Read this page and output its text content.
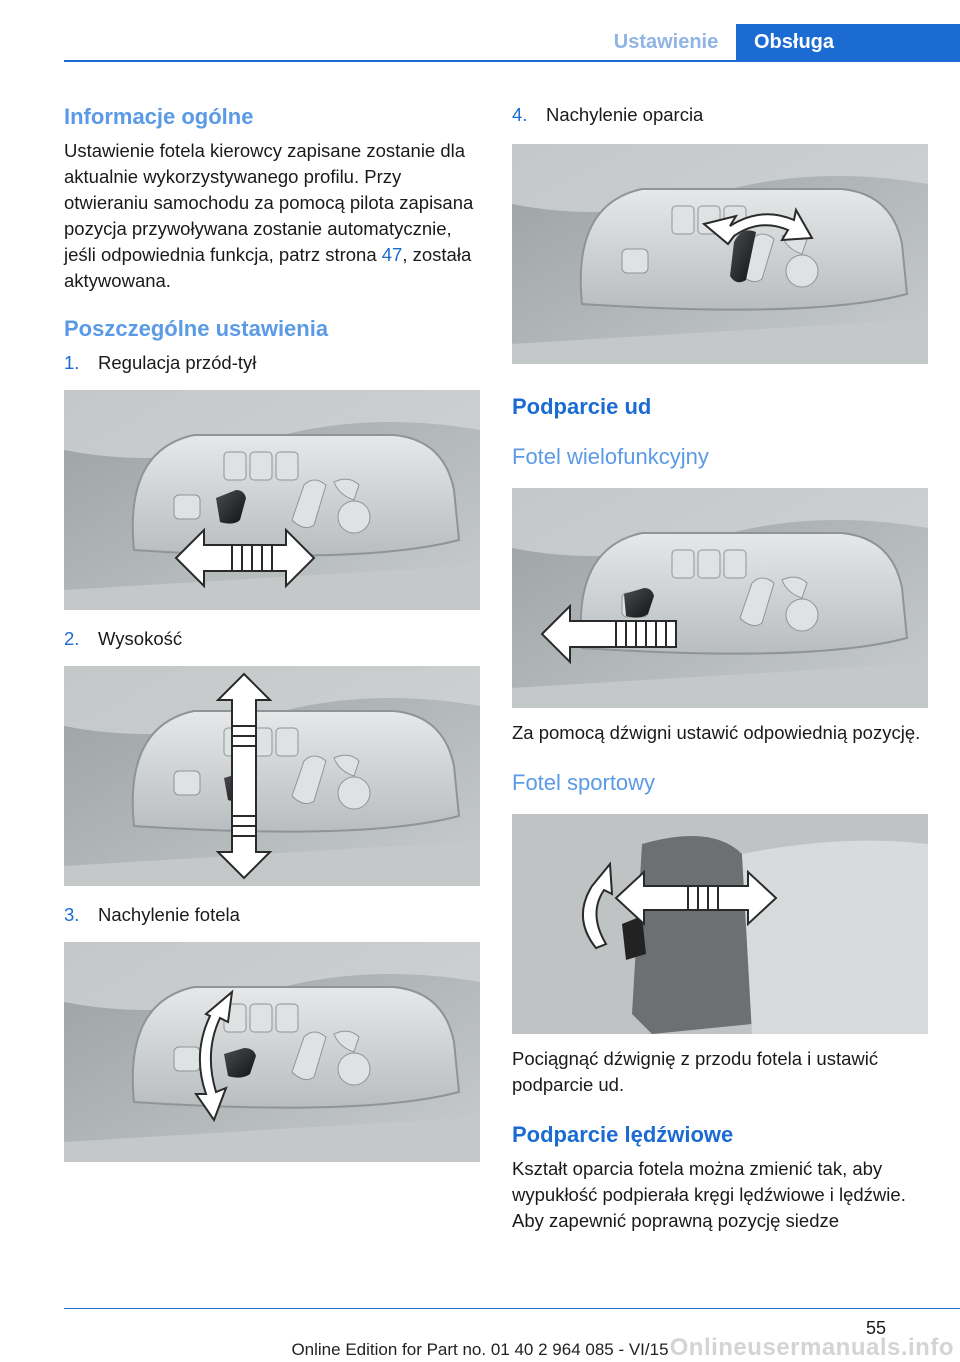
Ustawienie	Obsługa
Informacje ogólne

Ustawienie fotela kierowcy zapisane zostanie dla aktualnie wykorzystywanego profilu. Przy otwieraniu samochodu za pomocą pilota zapisana pozycja przywoływana zostanie automatycznie, jeśli odpowiednia funkcja, patrz strona 47, została aktywowana.

Poszczególne ustawienia
1.	Regulacja przód-tył
2.	Wysokość
3.	Nachylenie fotela
4.	Nachylenie oparcia
Podparcie ud
Fotel wielofunkcyjny

Za pomocą dźwigni ustawić odpowiednią pozycję.

Fotel sportowy

Pociągnąć dźwignię z przodu fotela i ustawić podparcie ud.

Podparcie lędźwiowe

Kształt oparcia fotela można zmienić tak, aby wypukłość podpierała kręgi lędźwiowe i lędźwie. Aby zapewnić poprawną pozycję siedze

55
Online Edition for Part no. 01 40 2 964 085 - VI/15 Onlineusermanuals.info
